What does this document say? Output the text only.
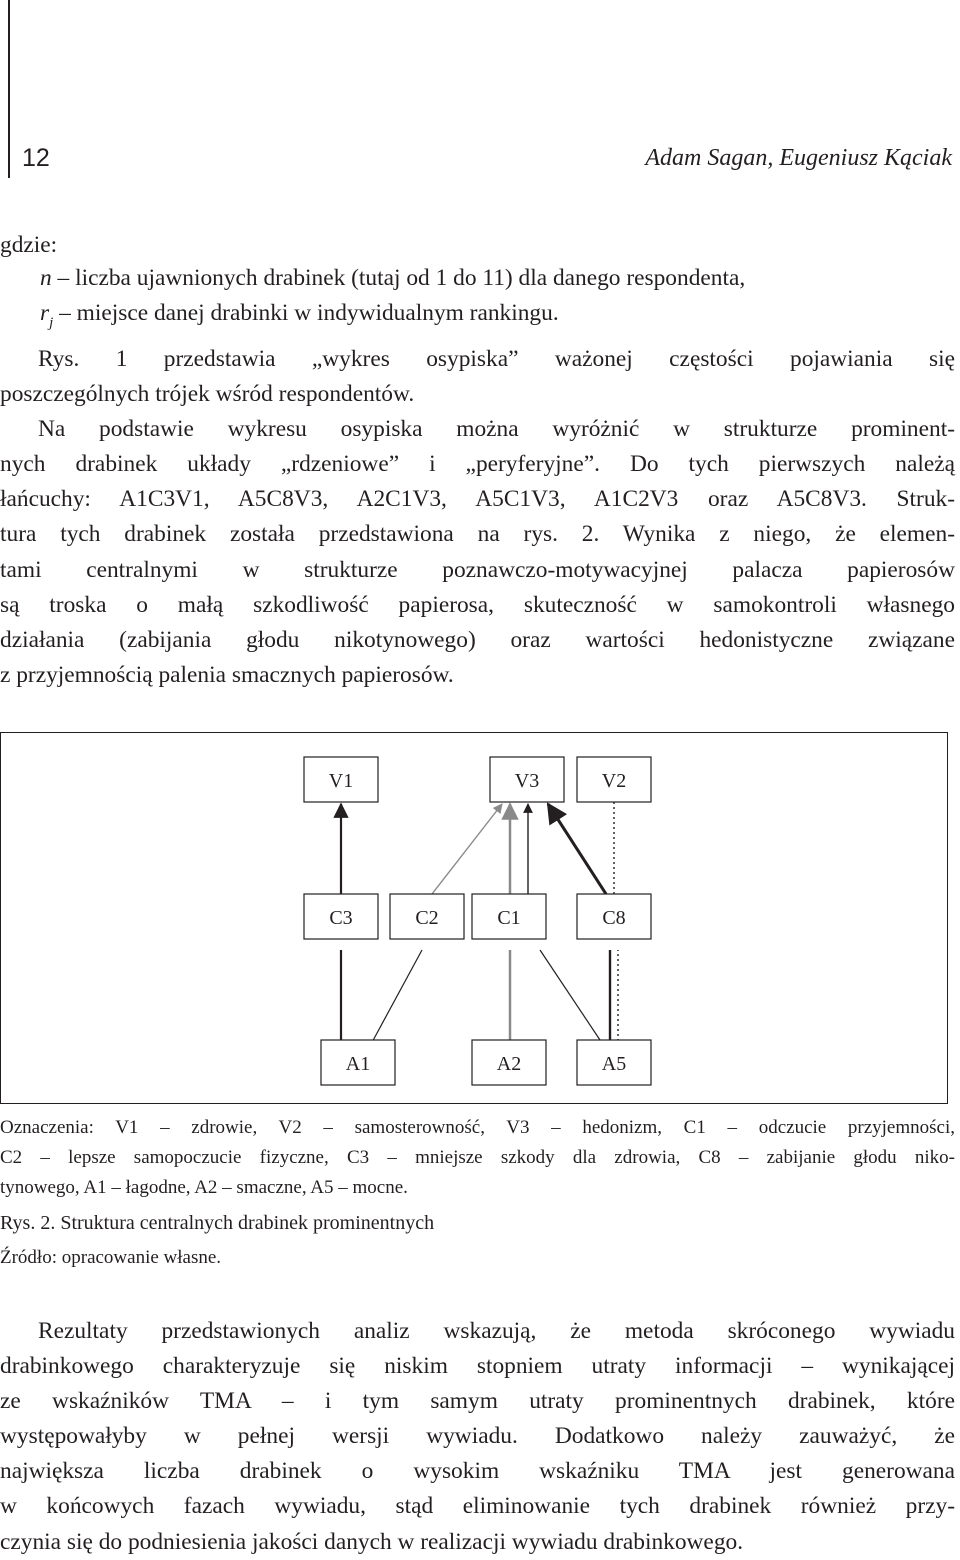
12	Adam Sagan, Eugeniusz Kąciak

gdzie:

n – liczba ujawnionych drabinek (tutaj od 1 do 11) dla danego respondenta,
$r_j$ – miejsce danej drabinki w indywidualnym rankingu.
Rys. 1 przedstawia „wykres osypiska” ważonej częstości pojawiania się
poszczególnych trójek wśród respondentów.
Na podstawie wykresu osypiska można wyróżnić w strukturze prominent-
nych drabinek układy „rdzeniowe” i „peryferyjne”. Do tych pierwszych należą
łańcuchy: A1C3V1, A5C8V3, A2C1V3, A5C1V3, A1C2V3 oraz A5C8V3. Struk-
tura tych drabinek została przedstawiona na rys. 2. Wynika z niego, że elemen-
tami centralnymi w strukturze poznawczo-motywacyjnej palacza papierosów
są troska o małą szkodliwość papierosa, skuteczność w samokontroli własnego
działania (zabijania głodu nikotynowego) oraz wartości hedonistyczne związane
z przyjemnością palenia smacznych papierosów.
V1	V3	V2
C3	C2	C1	C8
A1	A2	A5
Oznaczenia: V1 – zdrowie, V2 – samosterowność, V3 – hedonizm, C1 – odczucie przyjemności,
C2 – lepsze samopoczucie fizyczne, C3 – mniejsze szkody dla zdrowia, C8 – zabijanie głodu niko-
tynowego, A1 – łagodne, A2 – smaczne, A5 – mocne.

Rys. 2. Struktura centralnych drabinek prominentnych

Źródło: opracowanie własne.

Rezultaty przedstawionych analiz wskazują, że metoda skróconego wywiadu
drabinkowego charakteryzuje się niskim stopniem utraty informacji – wynikającej
ze wskaźników TMA – i tym samym utraty prominentnych drabinek, które
występowałyby w pełnej wersji wywiadu. Dodatkowo należy zauważyć, że
największa liczba drabinek o wysokim wskaźniku TMA jest generowana
w końcowych fazach wywiadu, stąd eliminowanie tych drabinek również przy-
czynia się do podniesienia jakości danych w realizacji wywiadu drabinkowego.
